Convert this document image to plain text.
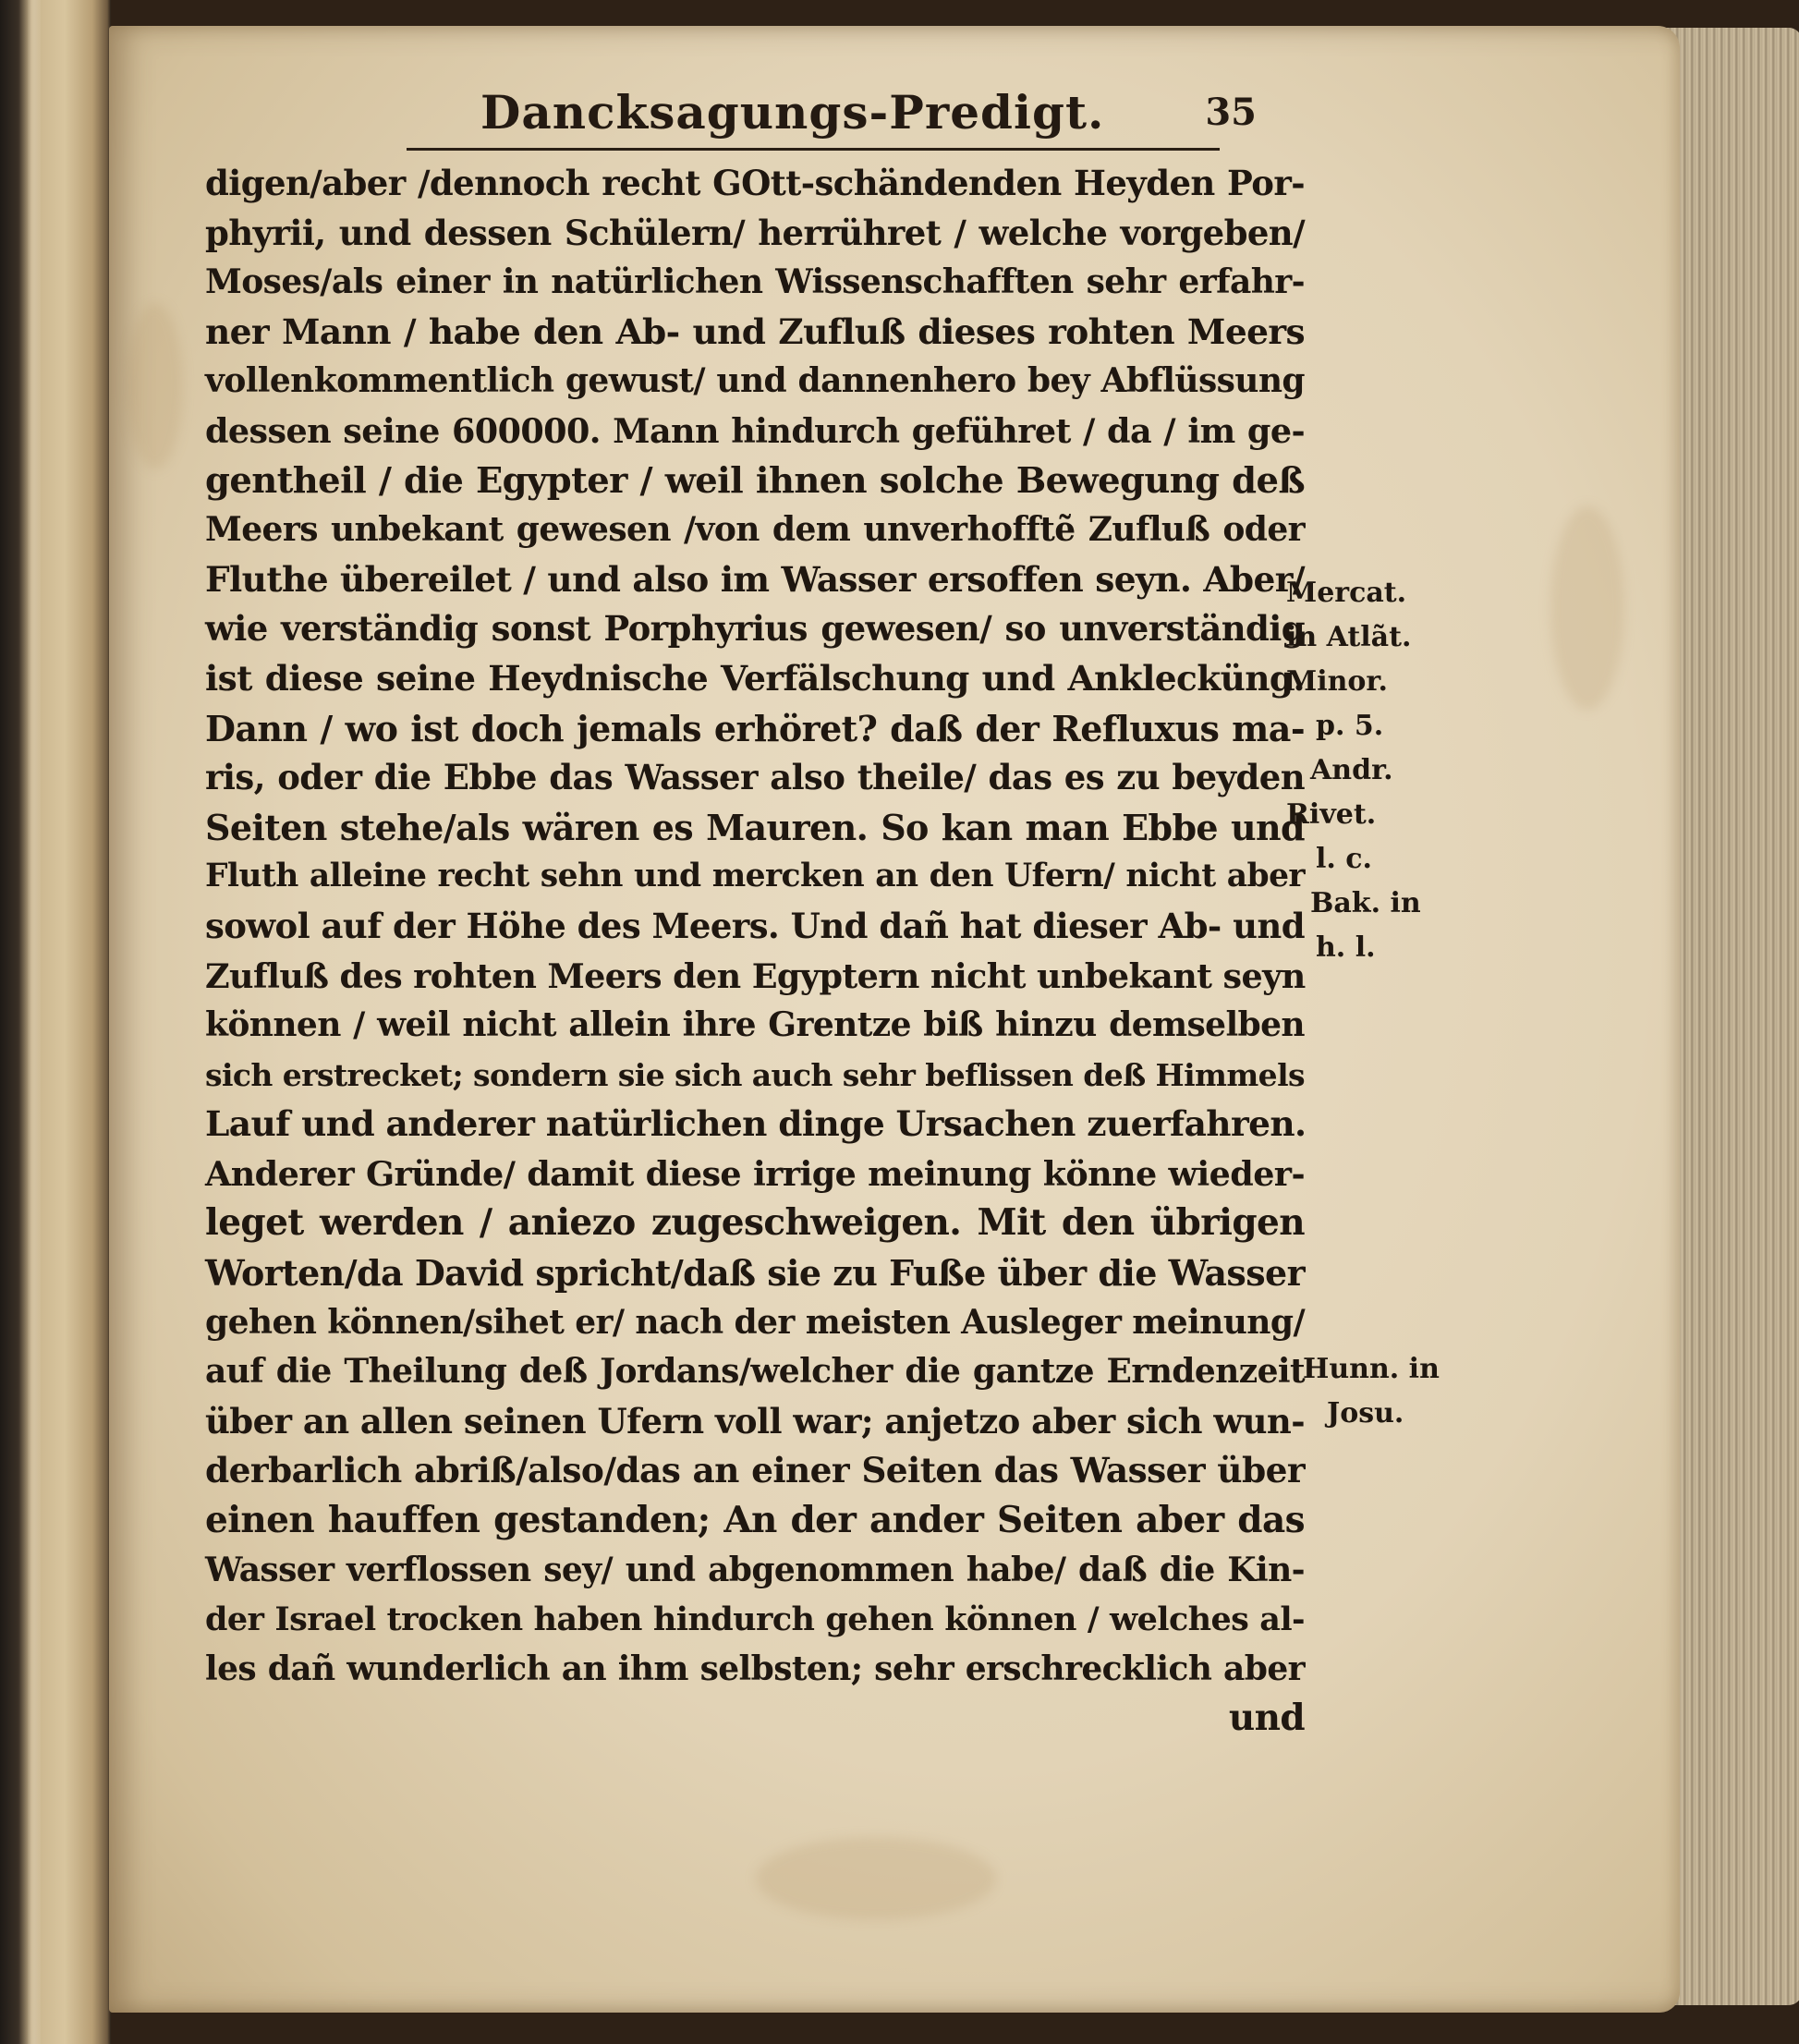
Dancksagungs-Predigt.	35
digen/aber /dennoch recht GOtt-schändenden Heyden Por-
phyrii, und dessen Schülern/ herrühret / welche vorgeben/
Moses/als einer in natürlichen Wissenschafften sehr erfahr-
ner Mann / habe den Ab- und Zufluß dieses rohten Meers
vollenkommentlich gewust/ und dannenhero bey Abflüssung
dessen seine 600000. Mann hindurch geführet / da / im ge-
gentheil / die Egypter / weil ihnen solche Bewegung deß
Meers unbekant gewesen /von dem unverhofftẽ Zufluß oder
Fluthe übereilet / und also im Wasser ersoffen seyn. Aber/
wie verständig sonst Porphyrius gewesen/ so unverständig
ist diese seine Heydnische Verfälschung und Anklecküng.
Dann / wo ist doch jemals erhöret? daß der Refluxus ma-
ris, oder die Ebbe das Wasser also theile/ das es zu beyden
Seiten stehe/als wären es Mauren. So kan man Ebbe und
Fluth alleine recht sehn und mercken an den Ufern/ nicht aber
sowol auf der Höhe des Meers. Und dañ hat dieser Ab- und
Zufluß des rohten Meers den Egyptern nicht unbekant seyn
können / weil nicht allein ihre Grentze biß hinzu demselben
sich erstrecket; sondern sie sich auch sehr beflissen deß Himmels
Lauf und anderer natürlichen dinge Ursachen zuerfahren.
Anderer Gründe/ damit diese irrige meinung könne wieder-
leget werden / aniezo zugeschweigen. Mit den übrigen
Worten/da David spricht/daß sie zu Fuße über die Wasser
gehen können/sihet er/ nach der meisten Ausleger meinung/
auf die Theilung deß Jordans/welcher die gantze Erndenzeit
über an allen seinen Ufern voll war; anjetzo aber sich wun-
derbarlich abriß/also/das an einer Seiten das Wasser über
einen hauffen gestanden; An der ander Seiten aber das
Wasser verflossen sey/ und abgenommen habe/ daß die Kin-
der Israel trocken haben hindurch gehen können / welches al-
les dañ wunderlich an ihm selbsten; sehr erschrecklich aber
und
Mercat.
in Atlãt.
Minor.
p. 5.
Andr.
Rivet.
l. c.
Bak. in
h. l.
Hunn. in
Josu.
